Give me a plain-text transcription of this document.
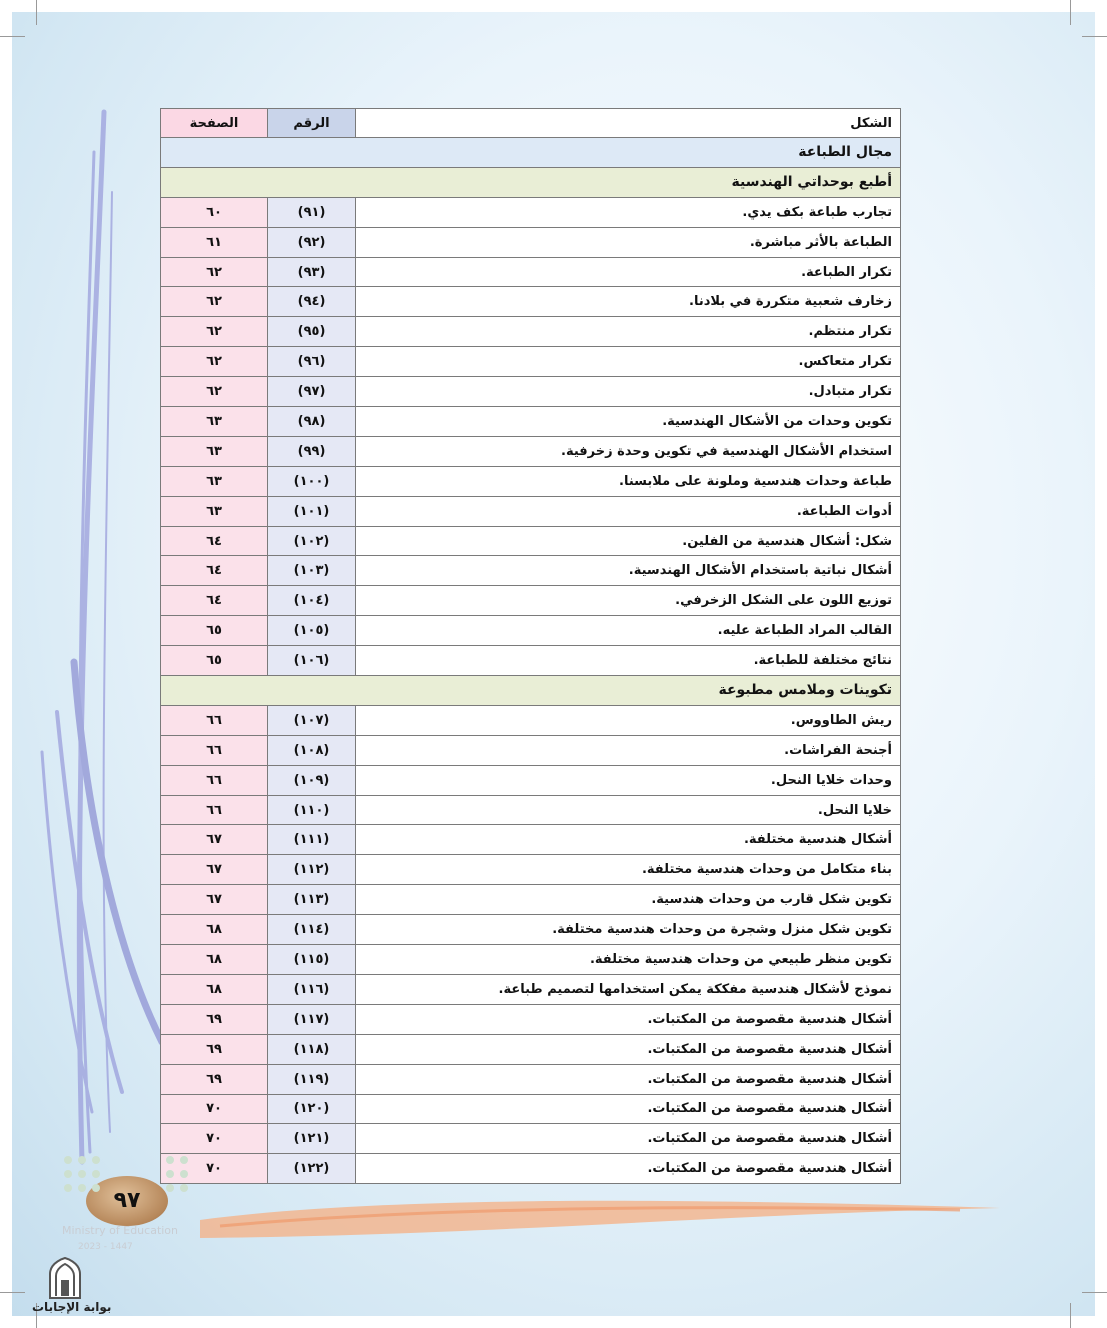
الشكل	الرقم	الصفحة
مجال الطباعة		
أطبع بوحداتي الهندسية		
تجارب طباعة بكف يدي.	(٩١)	٦٠
الطباعة بالأثر مباشرة.	(٩٢)	٦١
تكرار الطباعة.	(٩٣)	٦٢
زخارف شعبية متكررة في بلادنا.	(٩٤)	٦٢
تكرار منتظم.	(٩٥)	٦٢
تكرار متعاكس.	(٩٦)	٦٢
تكرار متبادل.	(٩٧)	٦٢
تكوين وحدات من الأشكال الهندسية.	(٩٨)	٦٣
استخدام الأشكال الهندسية في تكوين وحدة زخرفية.	(٩٩)	٦٣
طباعة وحدات هندسية وملونة على ملابسنا.	(١٠٠)	٦٣
أدوات الطباعة.	(١٠١)	٦٣
شكل: أشكال هندسية من الفلين.	(١٠٢)	٦٤
أشكال نباتية باستخدام الأشكال الهندسية.	(١٠٣)	٦٤
توزيع اللون على الشكل الزخرفي.	(١٠٤)	٦٤
القالب المراد الطباعة عليه.	(١٠٥)	٦٥
نتائج مختلفة للطباعة.	(١٠٦)	٦٥
تكوينات وملامس مطبوعة		
ريش الطاووس.	(١٠٧)	٦٦
أجنحة الفراشات.	(١٠٨)	٦٦
وحدات خلايا النحل.	(١٠٩)	٦٦
خلايا النحل.	(١١٠)	٦٦
أشكال هندسية مختلفة.	(١١١)	٦٧
بناء متكامل من وحدات هندسية مختلفة.	(١١٢)	٦٧
تكوين شكل قارب من وحدات هندسية.	(١١٣)	٦٧
تكوين شكل منزل وشجرة من وحدات هندسية مختلفة.	(١١٤)	٦٨
تكوين منظر طبيعي من وحدات هندسية مختلفة.	(١١٥)	٦٨
نموذج لأشكال هندسية مفككة يمكن استخدامها لتصميم طباعة.	(١١٦)	٦٨
أشكال هندسية مقصوصة من المكتبات.	(١١٧)	٦٩
أشكال هندسية مقصوصة من المكتبات.	(١١٨)	٦٩
أشكال هندسية مقصوصة من المكتبات.	(١١٩)	٦٩
أشكال هندسية مقصوصة من المكتبات.	(١٢٠)	٧٠
أشكال هندسية مقصوصة من المكتبات.	(١٢١)	٧٠
أشكال هندسية مقصوصة من المكتبات.	(١٢٢)	٧٠
٩٧
Ministry of Education
2023 - 1447
بوابة الإجابات
